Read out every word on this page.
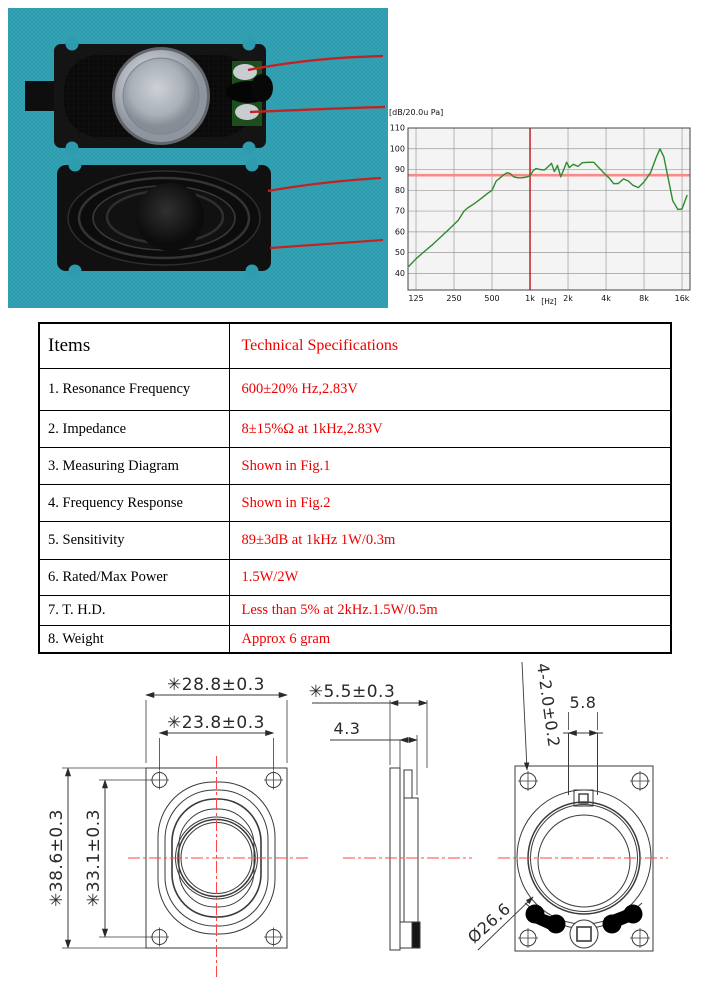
110
100
90
80
70
60
50
40
125	250	500	1k	2k	4k	8k	16k
[Hz]
[dB/20.0u Pa]
Items	Technical Specifications
1. Resonance Frequency	600±20% Hz,2.83V
2. Impedance	8±15%Ω at 1kHz,2.83V
3. Measuring Diagram	Shown in Fig.1
4. Frequency Response	Shown in Fig.2
5. Sensitivity	89±3dB at 1kHz 1W/0.3m
6. Rated/Max Power	1.5W/2W
7. T. H.D.	Less than 5% at 2kHz.1.5W/0.5m
8. Weight	Approx 6 gram
✳28.8±0.3
✳23.8±0.3
✳38.6±0.3 ✳33.1±0.3
✳5.5±0.3
4.3
5.8
4-2.0±0.2
Ø26.6
